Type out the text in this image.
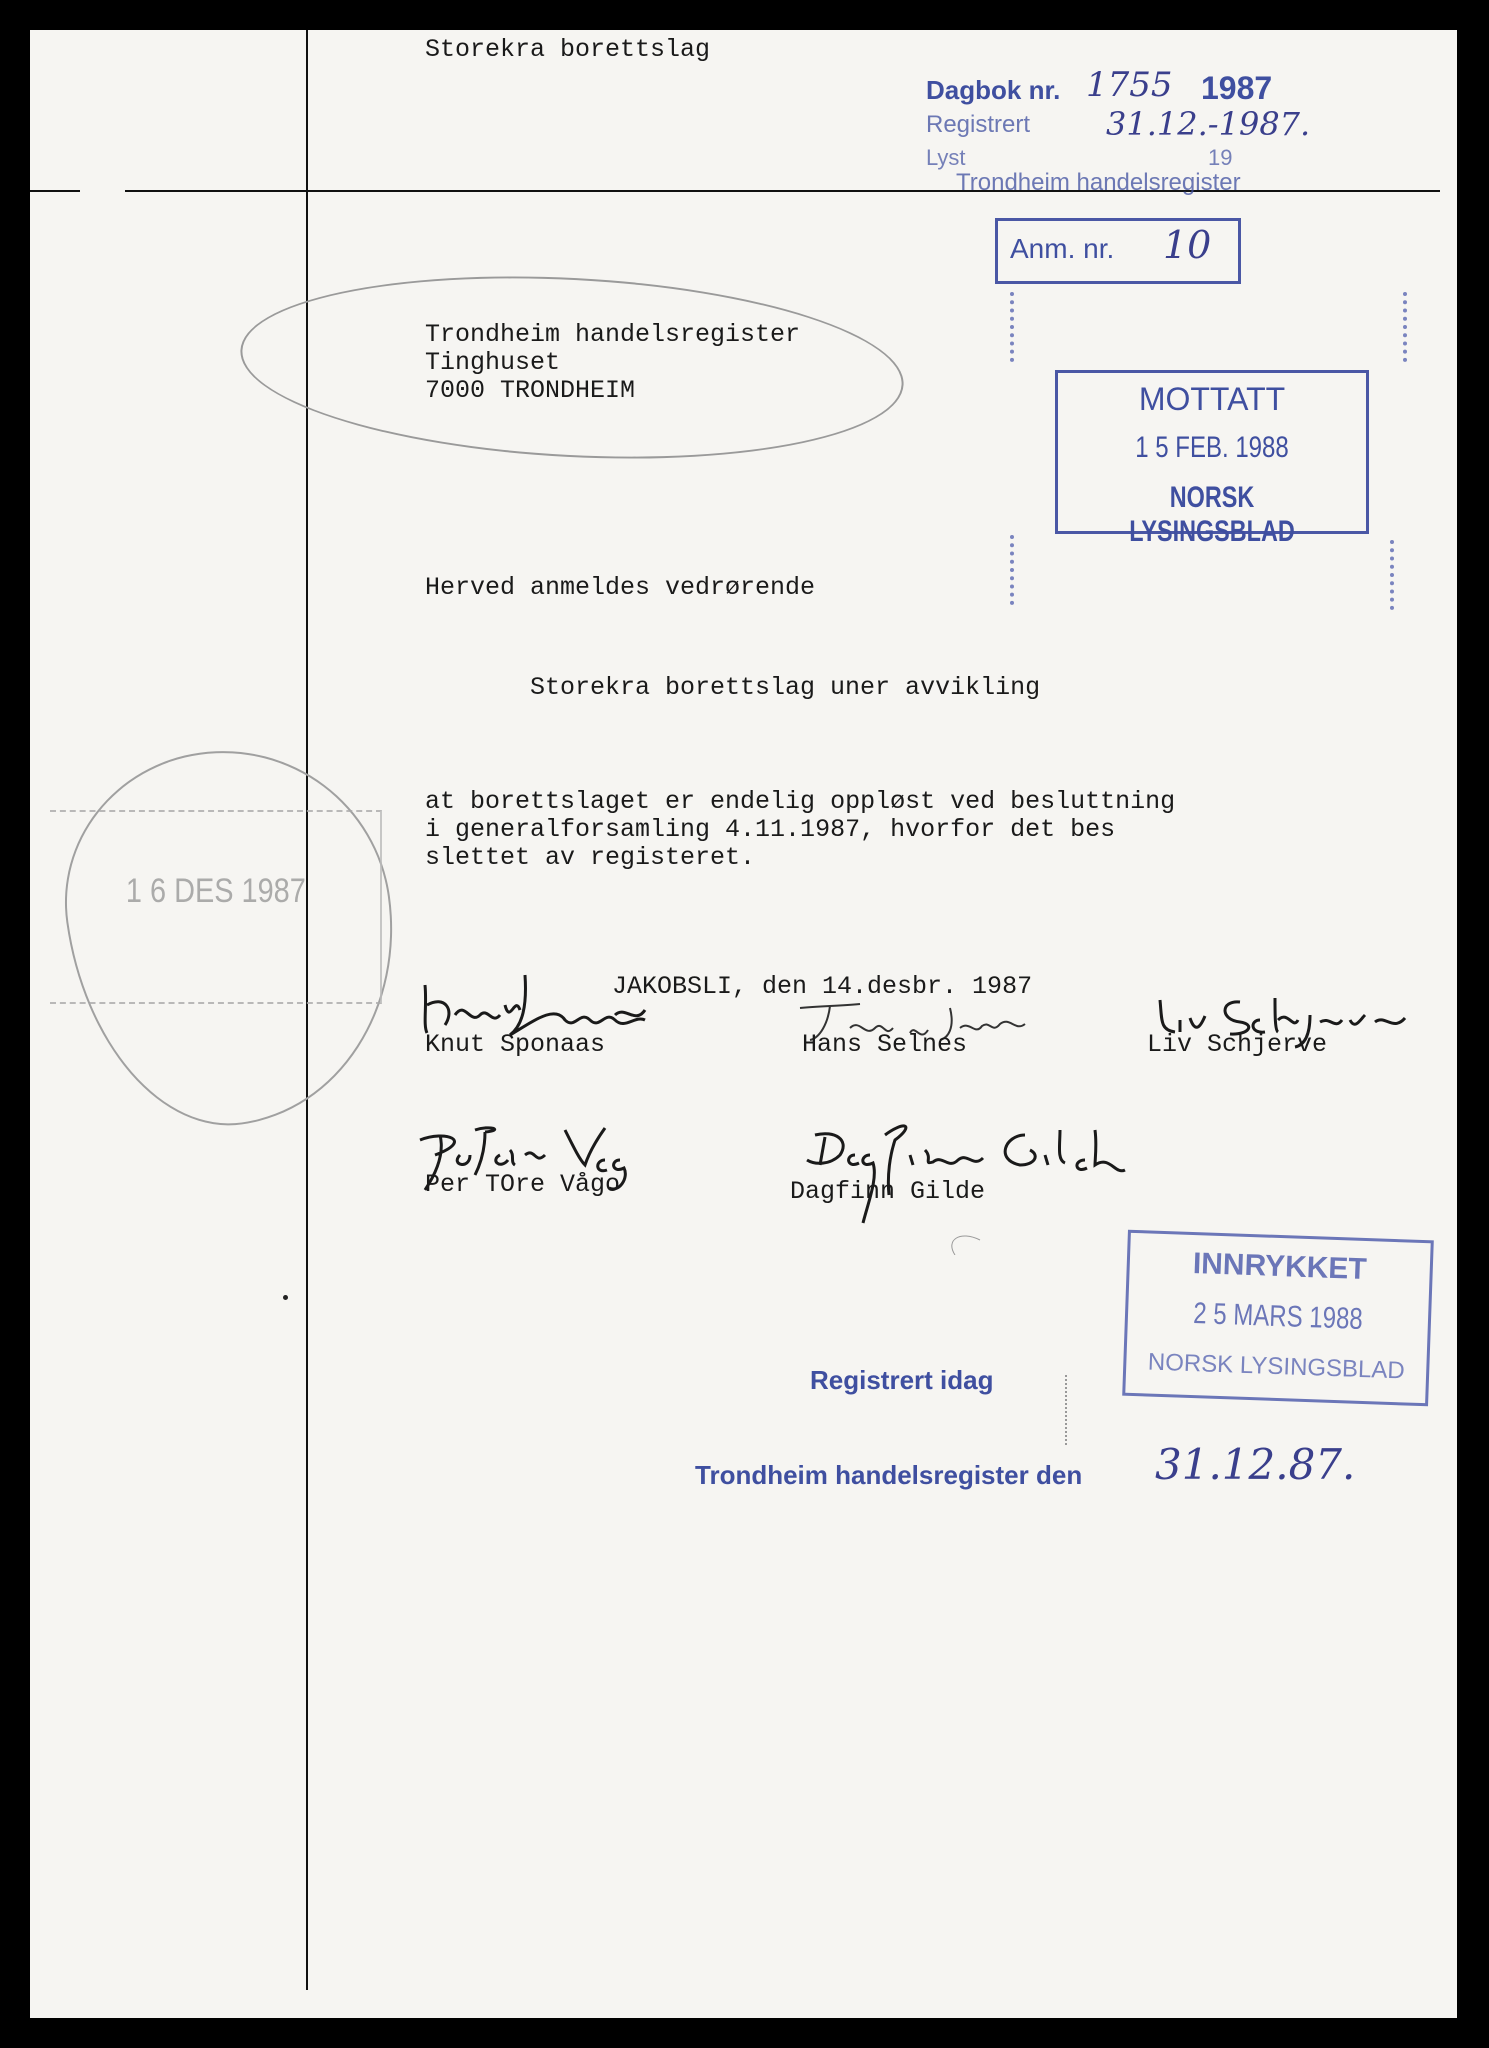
Storekra borettslag
Trondheim handelsregister
Tinghuset
7000 TRONDHEIM
Herved anmeldes vedrørende
Storekra borettslag uner avvikling
at borettslaget er endelig oppløst ved besluttning
i generalforsamling 4.11.1987, hvorfor det bes
slettet av registeret.
JAKOBSLI, den 14.desbr. 1987
Knut Sponaas	Hans Selnes	Liv Schjerve
Per TOre Vågo	Dagfinn Gilde
Dagbok nr. 1755 1987
Registrert 31.12.-1987.
Lyst	19
Trondheim handelsregister
Anm. nr. 10
MOTTATT
1 5 FEB. 1988
NORSK LYSINGSBLAD
1 6 DES 1987
INNRYKKET
2 5 MARS 1988
NORSK LYSINGSBLAD
Registrert idag
Trondheim handelsregister den 31.12.87.
